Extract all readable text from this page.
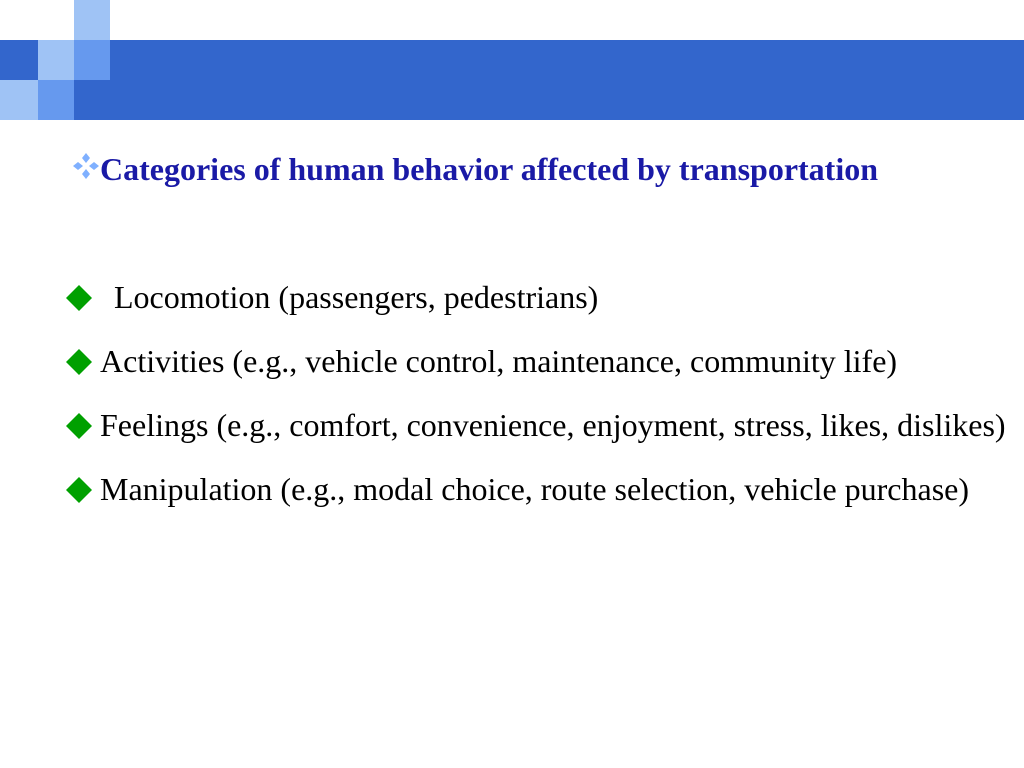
Categories of human behavior affected by transportation
Locomotion (passengers, pedestrians)
Activities (e.g., vehicle control, maintenance, community life)
Feelings (e.g., comfort, convenience, enjoyment, stress, likes, dislikes)
Manipulation (e.g., modal choice, route selection, vehicle purchase)
